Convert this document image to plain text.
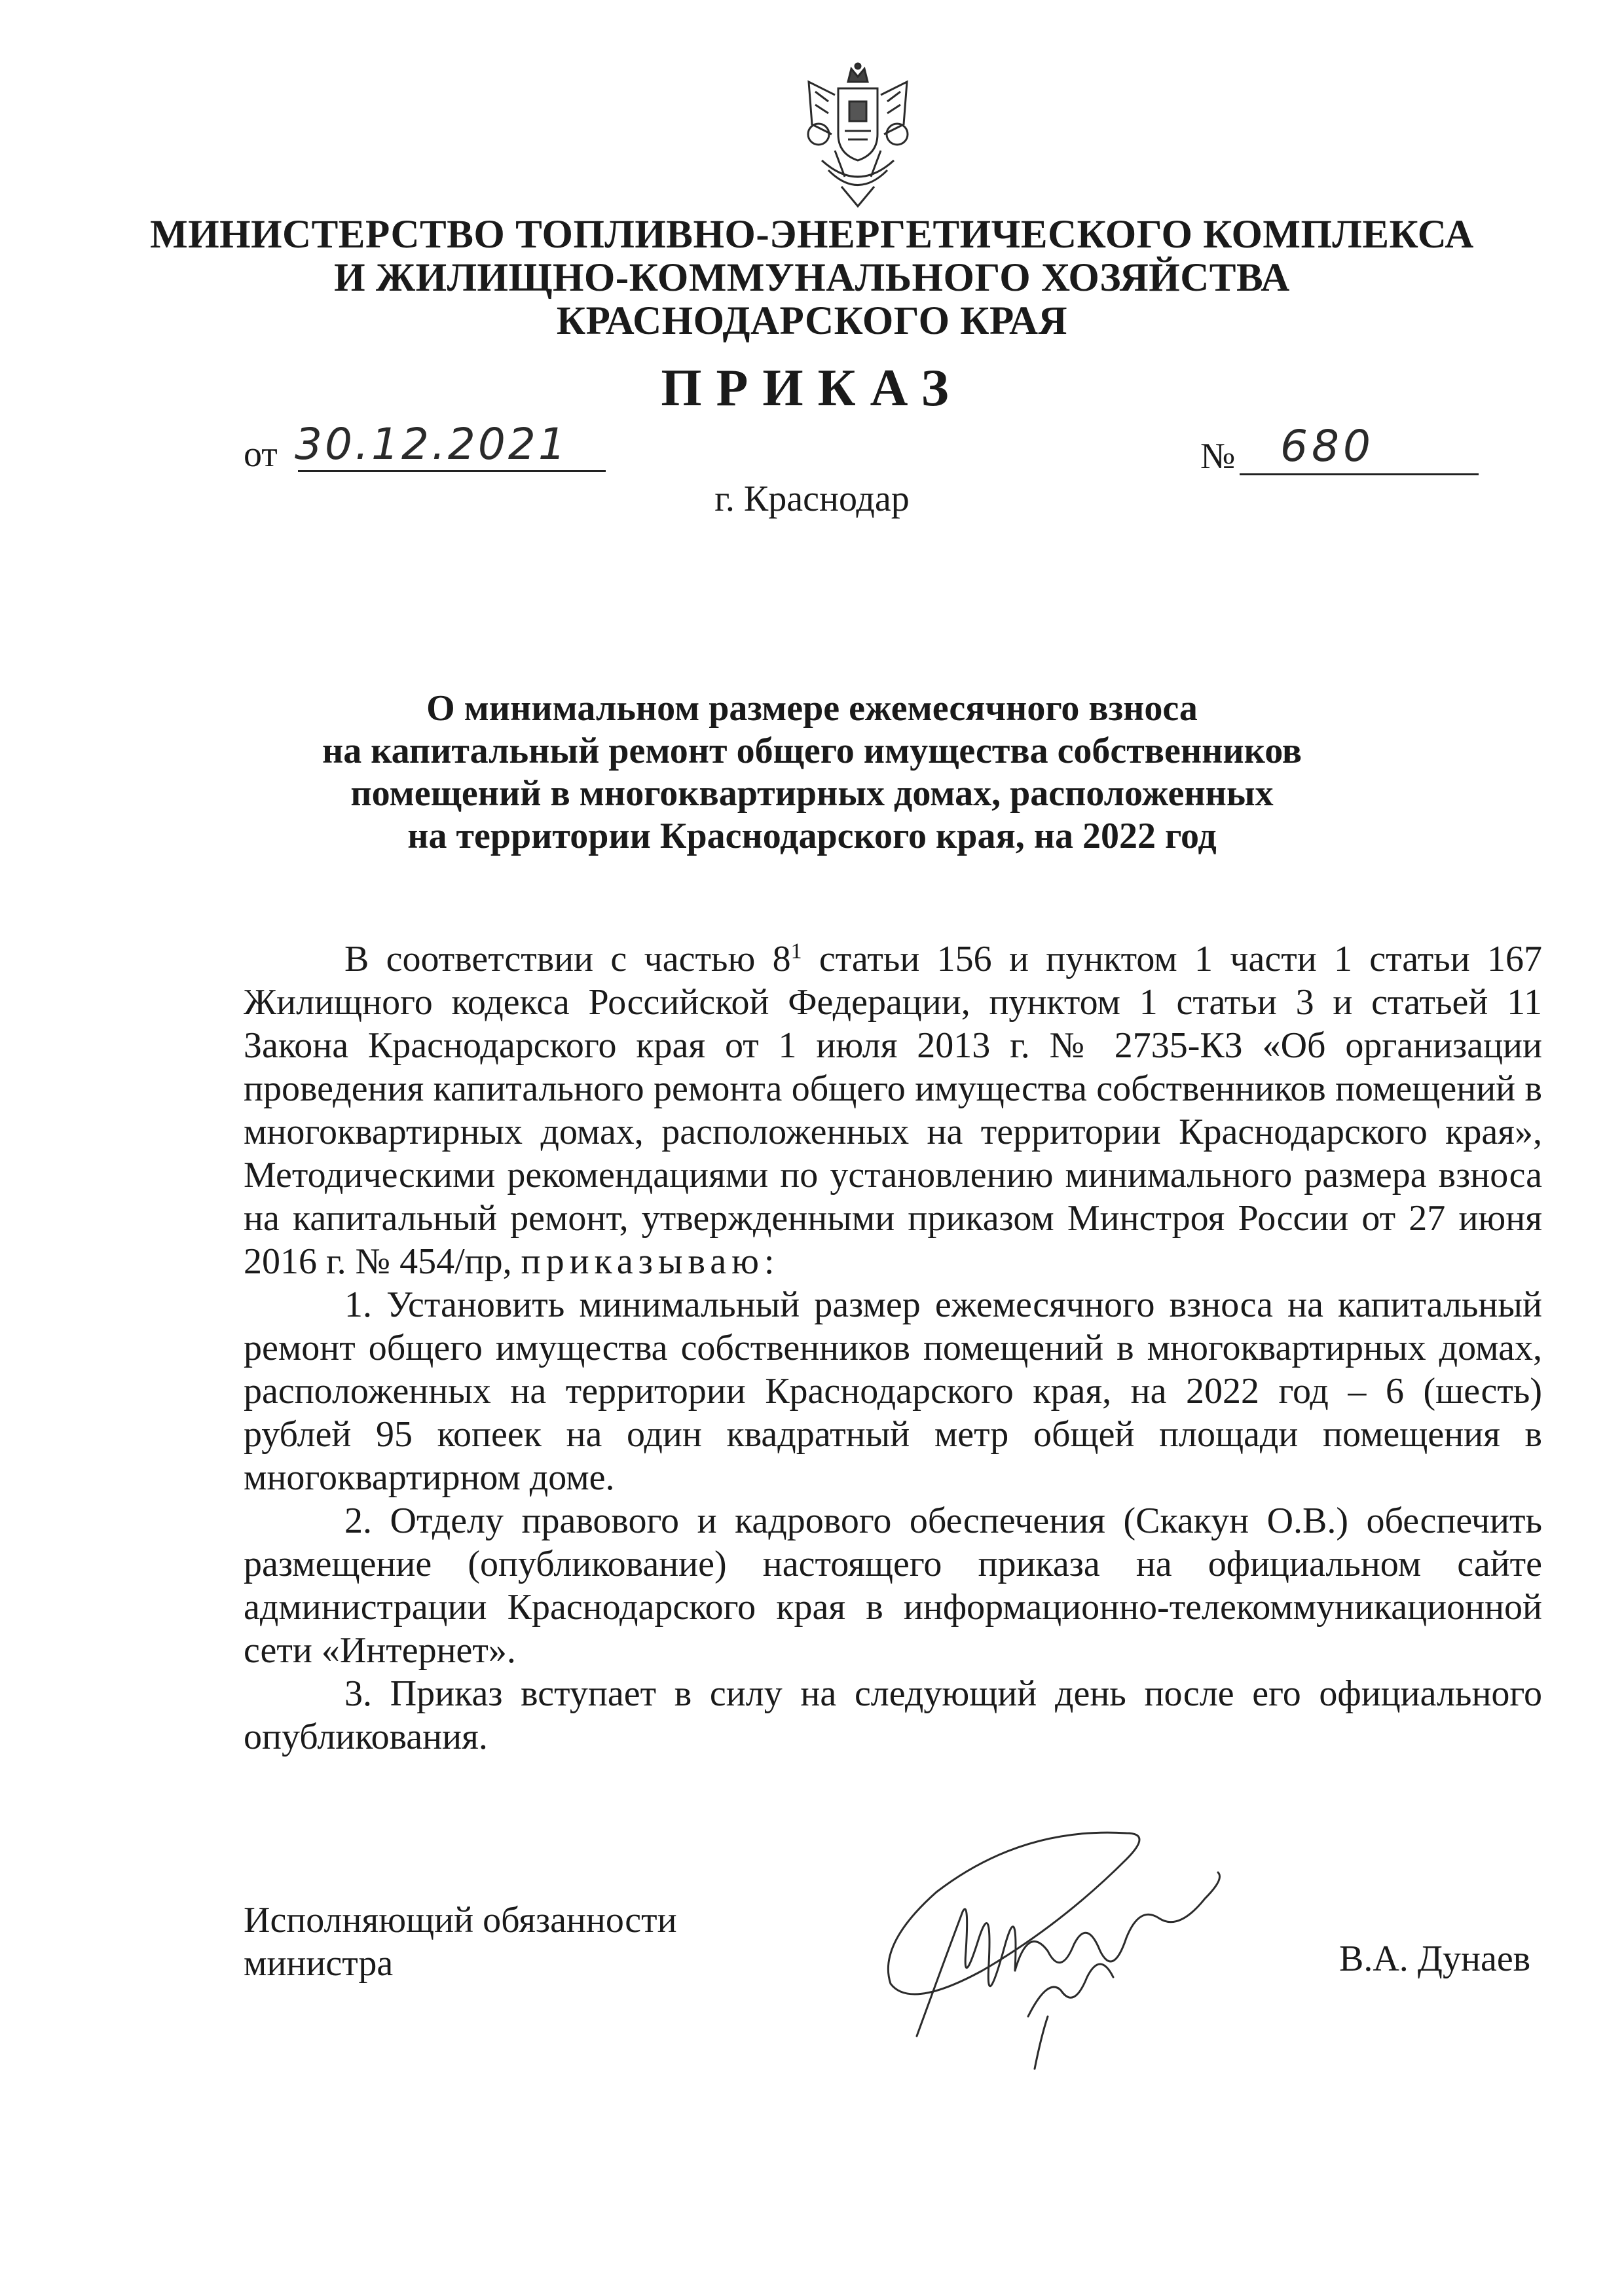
МИНИСТЕРСТВО ТОПЛИВНО-ЭНЕРГЕТИЧЕСКОГО КОМПЛЕКСА
И ЖИЛИЩНО-КОММУНАЛЬНОГО ХОЗЯЙСТВА
КРАСНОДАРСКОГО КРАЯ
ПРИКАЗ
от 30.12.2021	№ 680
г. Краснодар
О минимальном размере ежемесячного взноса
на капитальный ремонт общего имущества собственников
помещений в многоквартирных домах, расположенных
на территории Краснодарского края, на 2022 год

В соответствии с частью $8^1$ статьи 156 и пунктом 1 части 1 статьи 167 Жилищного кодекса Российской Федерации, пунктом 1 статьи 3 и статьей 11 Закона Краснодарского края от 1 июля 2013 г. № 2735-КЗ «Об организации проведения капитального ремонта общего имущества собственников помещений в многоквартирных домах, расположенных на территории Краснодарского края», Методическими рекомендациями по установлению минимального размера взноса на капитальный ремонт, утвержденными приказом Минстроя России от 27 июня 2016 г. № 454/пр, приказываю:

1. Установить минимальный размер ежемесячного взноса на капитальный ремонт общего имущества собственников помещений в многоквартирных домах, расположенных на территории Краснодарского края, на 2022 год – 6 (шесть) рублей 95 копеек на один квадратный метр общей площади помещения в многоквартирном доме.

2. Отделу правового и кадрового обеспечения (Скакун О.В.) обеспечить размещение (опубликование) настоящего приказа на официальном сайте администрации Краснодарского края в информационно-телекоммуникационной сети «Интернет».

3. Приказ вступает в силу на следующий день после его официального опубликования.

Исполняющий обязанности
министра	В.А. Дунаев
